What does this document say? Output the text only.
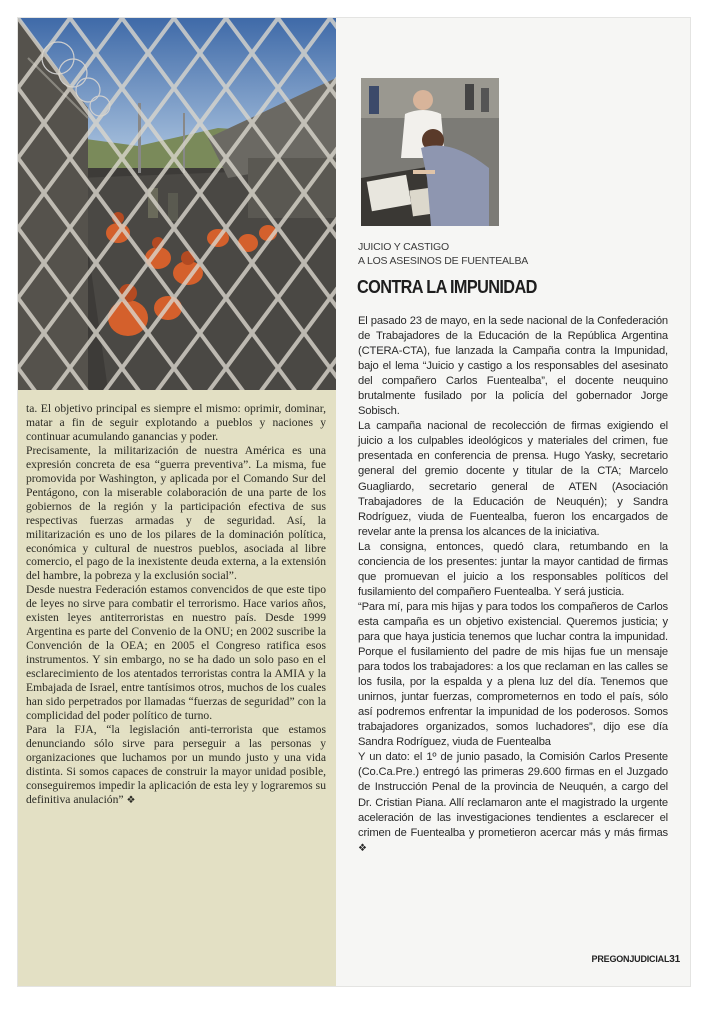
ta. El objetivo principal es siempre el mismo: oprimir, dominar, matar a fin de seguir explotando a pueblos y naciones y continuar acumulando ganancias y poder.

Precisamente, la militarización de nuestra América es una expresión concreta de esa “guerra preventiva”. La misma, fue promovida por Washington, y aplicada por el Comando Sur del Pentágono, con la miserable colaboración de una parte de los gobiernos de la región y la participación efectiva de sus respectivas fuerzas armadas y de seguridad. Así, la militarización es uno de los pilares de la dominación política, económica y cultural de nuestros pueblos, asociada al libre comercio, el pago de la inexistente deuda externa, a la extensión del hambre, la pobreza y la exclusión social”.

Desde nuestra Federación estamos convencidos de que este tipo de leyes no sirve para combatir el terrorismo. Hace varios años, existen leyes antiterroristas en nuestro país. Desde 1999 Argentina es parte del Convenio de la ONU; en 2002 suscribe la Convención de la OEA; en 2005 el Congreso ratifica esos instrumentos. Y sin embargo, no se ha dado un solo paso en el esclarecimiento de los atentados terroristas contra la AMIA y la Embajada de Israel, entre tantísimos otros, muchos de los cuales han sido perpetrados por llamadas “fuerzas de seguridad” con la complicidad del poder político de turno.

Para la FJA, “la legislación anti-terrorista que estamos denunciando sólo sirve para perseguir a las personas y organizaciones que luchamos por un mundo justo y una vida distinta. Si somos capaces de construir la mayor unidad posible, conseguiremos impedir la aplicación de esta ley y lograremos su definitiva anulación” ❖

JUICIO Y CASTIGO
A LOS ASESINOS DE FUENTEALBA
CONTRA LA IMPUNIDAD

El pasado 23 de mayo, en la sede nacional de la Confederación de Trabajadores de la Educación de la República Argentina (CTERA-CTA), fue lanzada la Campaña contra la Impunidad, bajo el lema “Juicio y castigo a los responsables del asesinato del compañero Carlos Fuentealba”, el docente neuquino brutalmente fusilado por la policía del gobernador Jorge Sobisch.

La campaña nacional de recolección de firmas exigiendo el juicio a los culpables ideológicos y materiales del crimen, fue presentada en conferencia de prensa. Hugo Yasky, secretario general del gremio docente y titular de la CTA; Marcelo Guagliardo, secretario general de ATEN (Asociación Trabajadores de la Educación de Neuquén); y Sandra Rodríguez, viuda de Fuentealba, fueron los encargados de revelar ante la prensa los alcances de la iniciativa.

La consigna, entonces, quedó clara, retumbando en la conciencia de los presentes: juntar la mayor cantidad de firmas que promuevan el juicio a los responsables políticos del fusilamiento del compañero Fuentealba. Y será justicia.

“Para mí, para mis hijas y para todos los compañeros de Carlos esta campaña es un objetivo existencial. Queremos justicia; y para que haya justicia tenemos que luchar contra la impunidad. Porque el fusilamiento del padre de mis hijas fue un mensaje para todos los trabajadores: a los que reclaman en las calles se los fusila, por la espalda y a plena luz del día. Tenemos que unirnos, juntar fuerzas, comprometernos en todo el país, sólo así podremos enfrentar la impunidad de los poderosos. Somos trabajadores organizados, somos luchadores”, dijo ese día Sandra Rodríguez, viuda de Fuentealba

Y un dato: el 1º de junio pasado, la Comisión Carlos Presente (Co.Ca.Pre.) entregó las primeras 29.600 firmas en el Juzgado de Instrucción Penal de la provincia de Neuquén, a cargo del Dr. Cristian Piana. Allí reclamaron ante el magistrado la urgente aceleración de las investigaciones tendientes a esclarecer el crimen de Fuentealba y prometieron acercar más y más firmas ❖

PREGONJUDICIAL31
